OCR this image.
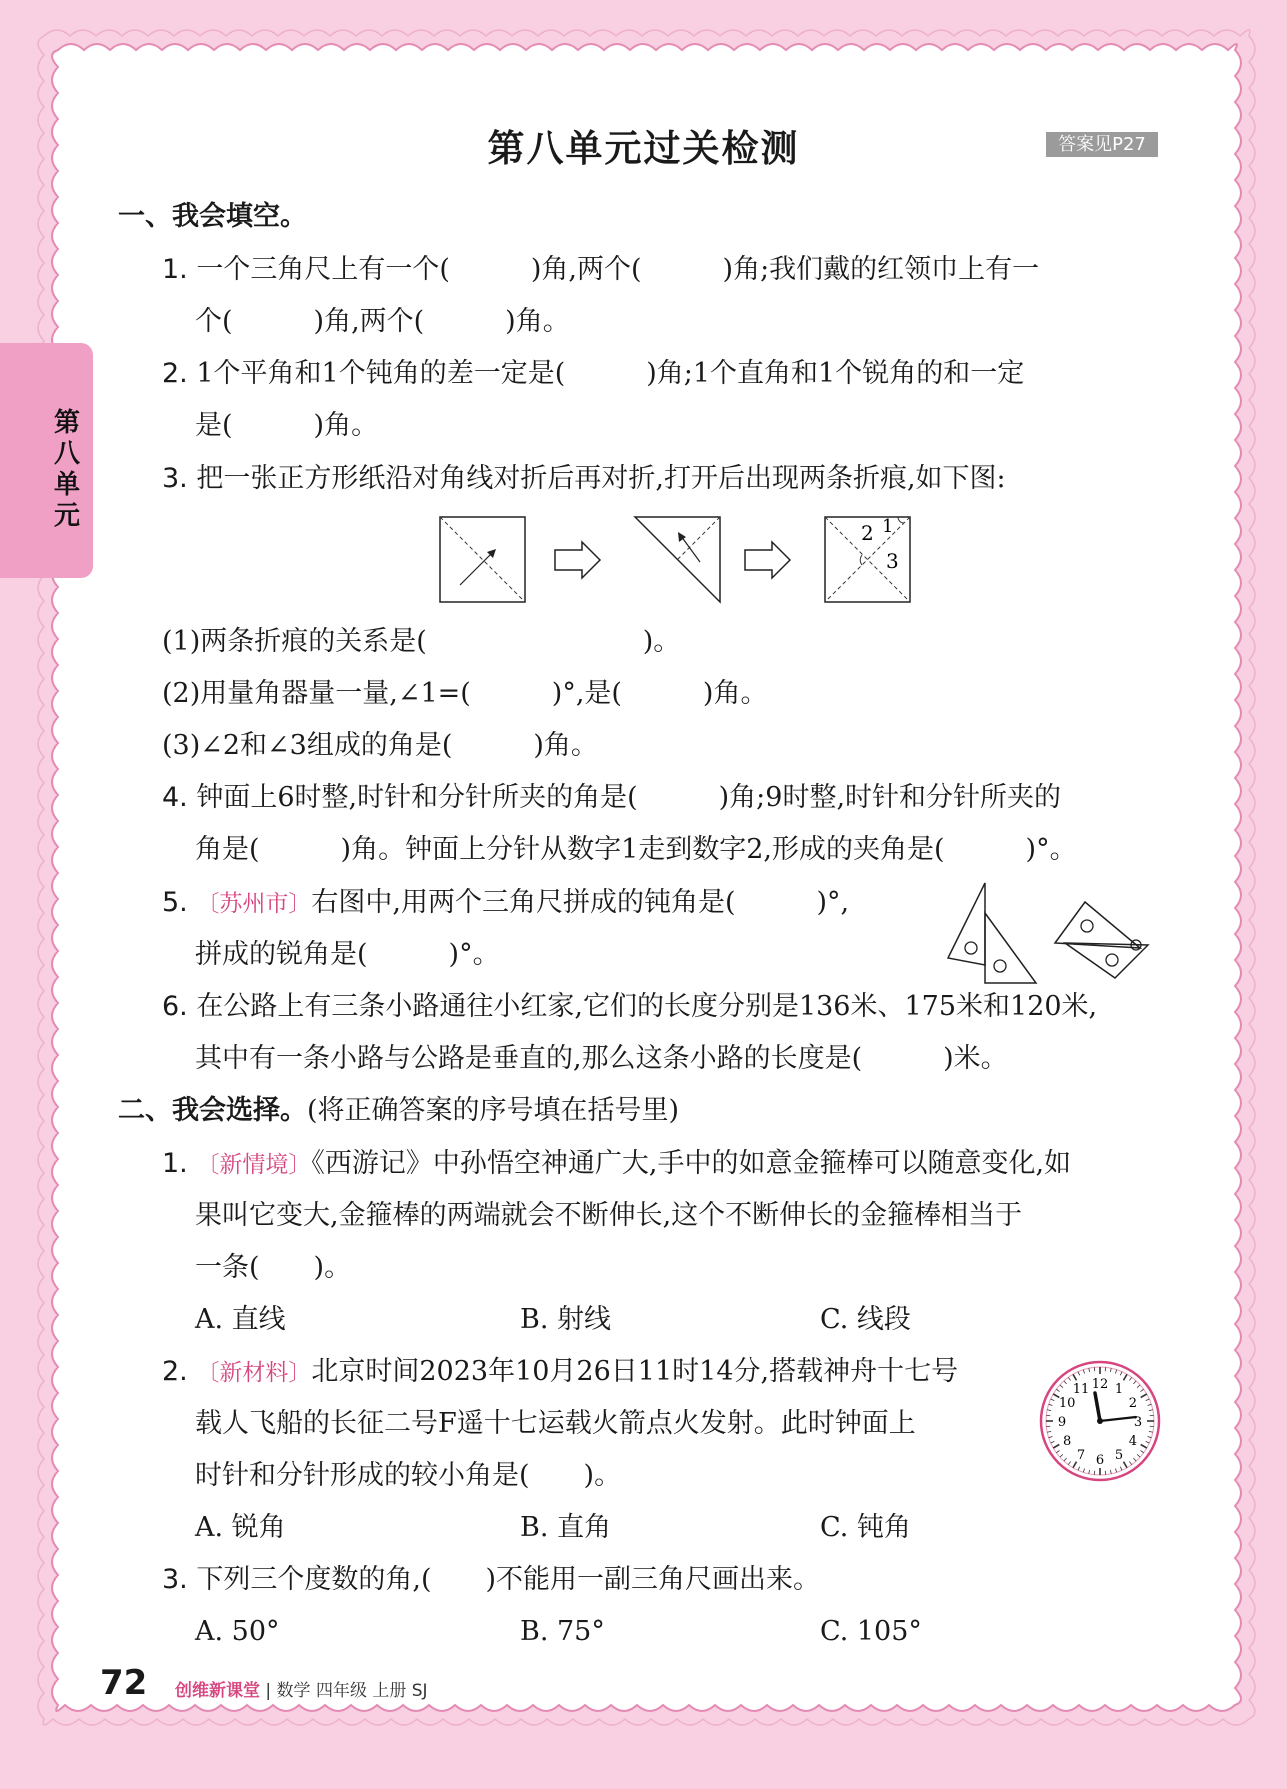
第八单元过关检测	答案见P27
第八单元
一、我会填空。
1. 一个三角尺上有一个(　　　)角,两个(　　　)角;我们戴的红领巾上有一
个(　　　)角,两个(　　　)角。
2. 1个平角和1个钝角的差一定是(　　　)角;1个直角和1个锐角的和一定
是(　　　)角。
3. 把一张正方形纸沿对角线对折后再对折,打开后出现两条折痕,如下图:
2 1
3
(1)两条折痕的关系是(　　　　　　　　)。
(2)用量角器量一量,∠1=(　　　)°,是(　　　)角。
(3)∠2和∠3组成的角是(　　　)角。
4. 钟面上6时整,时针和分针所夹的角是(　　　)角;9时整,时针和分针所夹的
角是(　　　)角。钟面上分针从数字1走到数字2,形成的夹角是(　　　)°。
5. 〔苏州市〕右图中,用两个三角尺拼成的钝角是(　　　)°,
拼成的锐角是(　　　)°。
6. 在公路上有三条小路通往小红家,它们的长度分别是136米、175米和120米,
其中有一条小路与公路是垂直的,那么这条小路的长度是(　　　)米。
二、我会选择。(将正确答案的序号填在括号里)
1. 〔新情境〕《西游记》中孙悟空神通广大,手中的如意金箍棒可以随意变化,如
果叫它变大,金箍棒的两端就会不断伸长,这个不断伸长的金箍棒相当于
一条(　　)。
A. 直线	B. 射线	C. 线段
2. 〔新材料〕北京时间2023年10月26日11时14分,搭载神舟十七号
载人飞船的长征二号F遥十七运载火箭点火发射。此时钟面上
时针和分针形成的较小角是(　　)。
A. 锐角	B. 直角	C. 钝角
12 1
2
3
4
5
6
7
8
9
10
11
3. 下列三个度数的角,(　　)不能用一副三角尺画出来。
A. 50°	B. 75°	C. 105°
72 创维新课堂 | 数学 四年级 上册 SJ
